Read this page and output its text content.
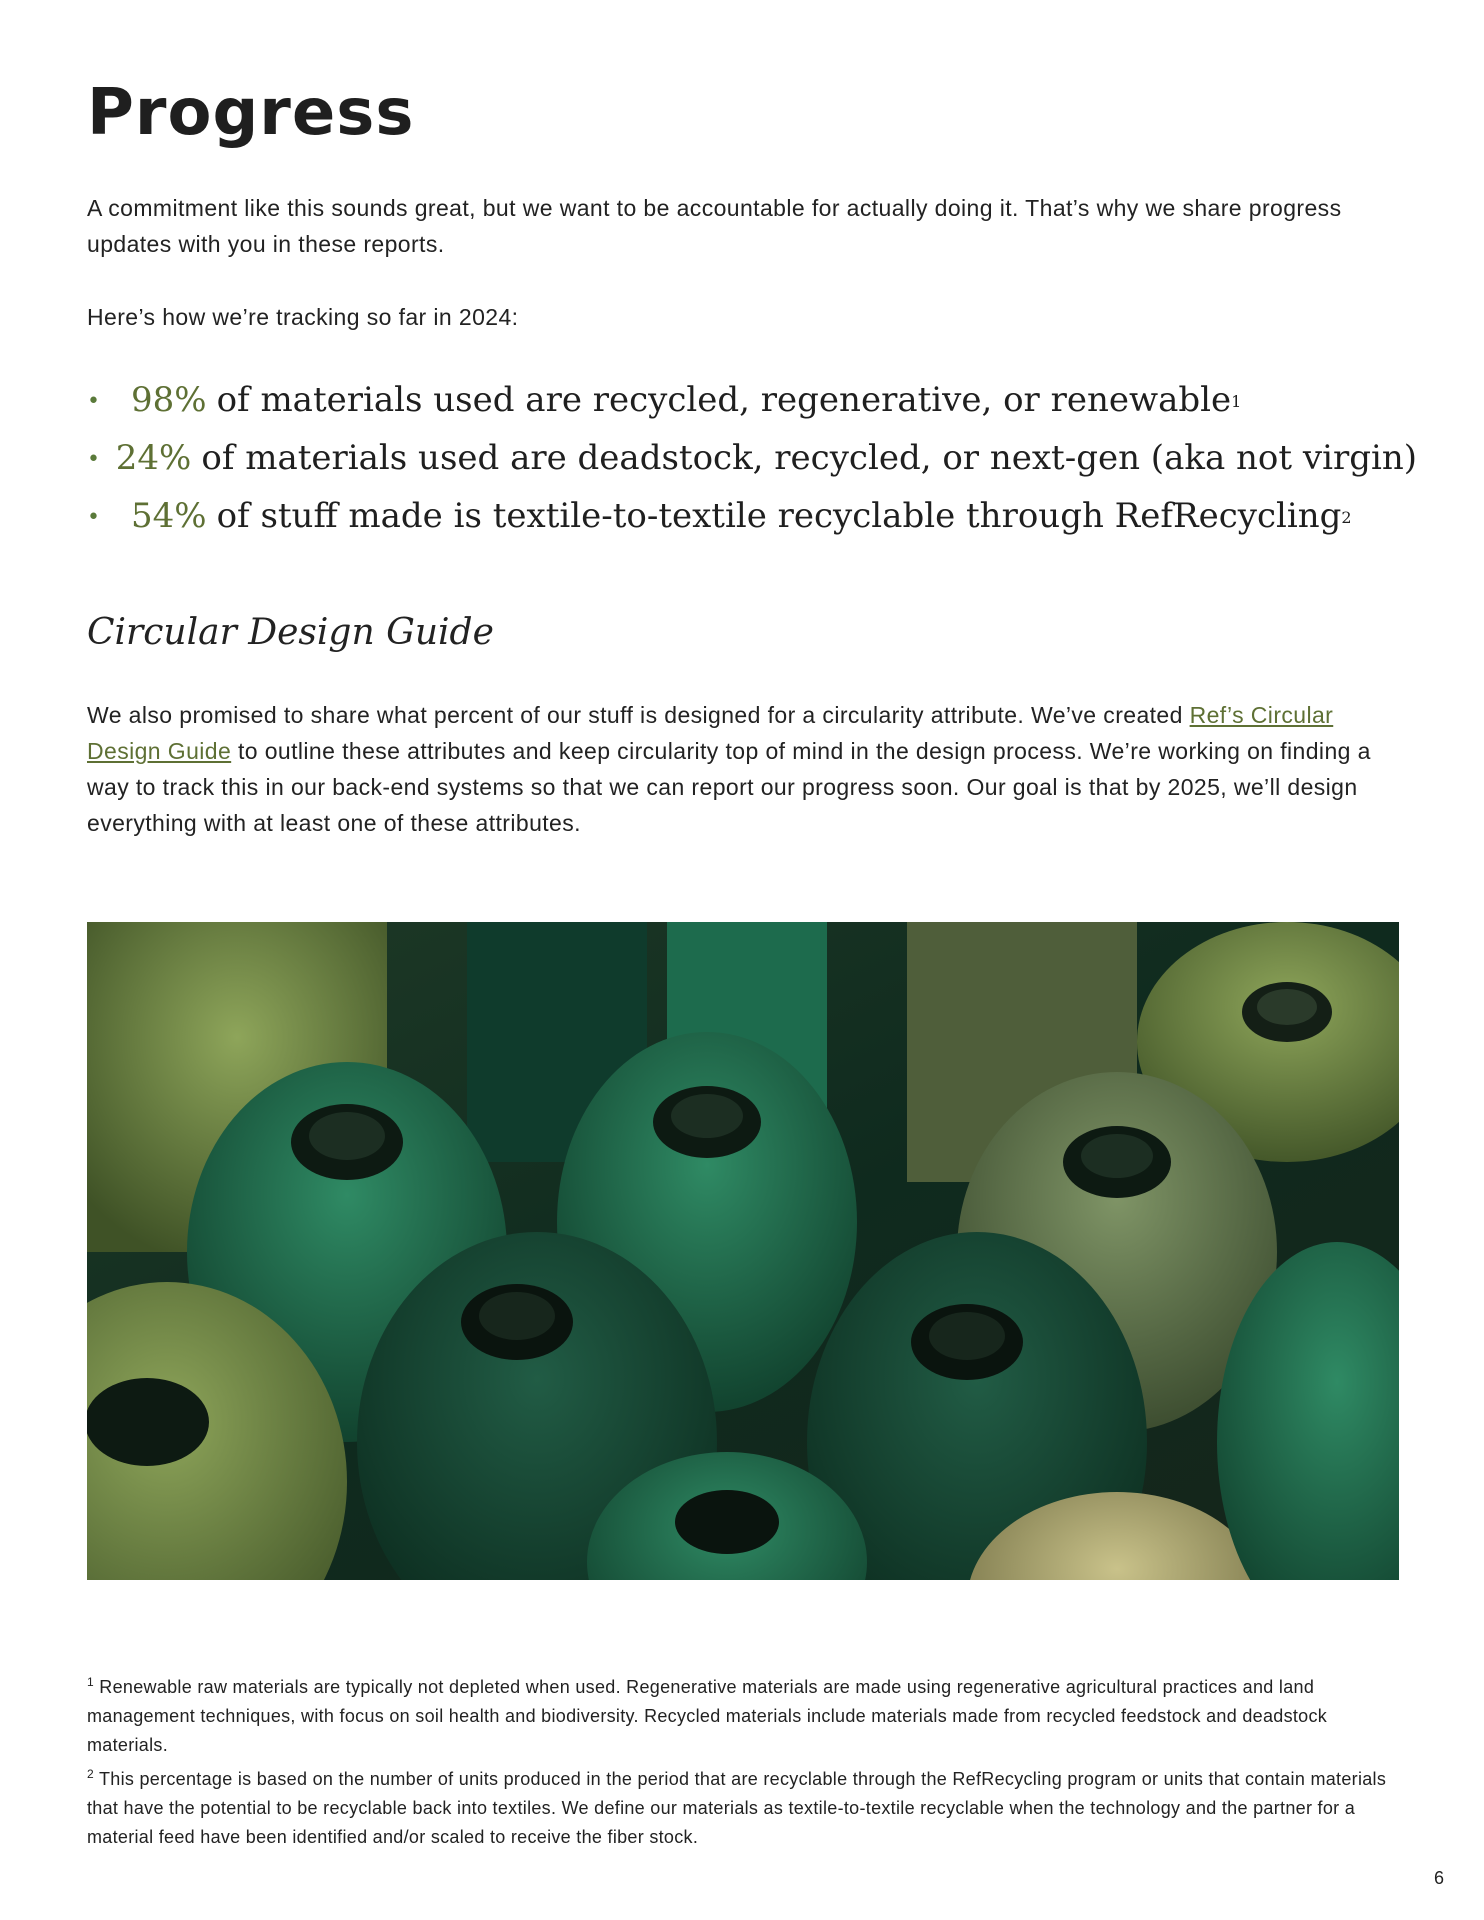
Progress

A commitment like this sounds great, but we want to be accountable for actually doing it. That’s why we share progress updates with you in these reports.

Here’s how we’re tracking so far in 2024:

• 98% of materials used are recycled, regenerative, or renewable$^1$
• 24% of materials used are deadstock, recycled, or next-gen (aka not virgin)
• 54% of stuff made is textile-to-textile recyclable through RefRecycling$^2$
Circular Design Guide

We also promised to share what percent of our stuff is designed for a circularity attribute. We’ve created Ref’s Circular Design Guide to outline these attributes and keep circularity top of mind in the design process. We’re working on finding a way to track this in our back-end systems so that we can report our progress soon. Our goal is that by 2025, we’ll design everything with at least one of these attributes.

$^1$ Renewable raw materials are typically not depleted when used. Regenerative materials are made using regenerative agricultural practices and land management techniques, with focus on soil health and biodiversity. Recycled materials include materials made from recycled feedstock and deadstock materials.

$^2$ This percentage is based on the number of units produced in the period that are recyclable through the RefRecycling program or units that contain materials that have the potential to be recyclable back into textiles. We define our materials as textile-to-textile recyclable when the technology and the partner for a material feed have been identified and/or scaled to receive the fiber stock.

6
